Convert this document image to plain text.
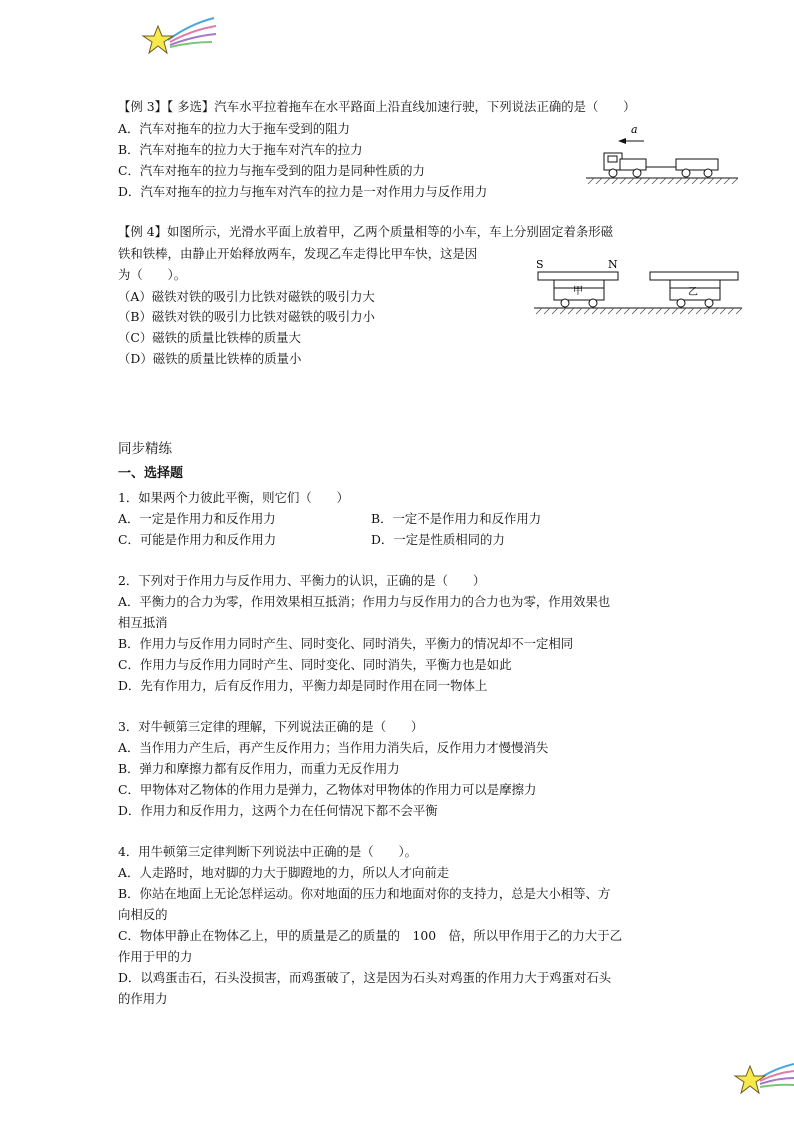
【例 3】【 多选】汽车水平拉着拖车在水平路面上沿直线加速行驶，下列说法正确的是（　　）
A．汽车对拖车的拉力大于拖车受到的阻力
B．汽车对拖车的拉力大于拖车对汽车的拉力
C．汽车对拖车的拉力与拖车受到的阻力是同种性质的力
D．汽车对拖车的拉力与拖车对汽车的拉力是一对作用力与反作用力
a
【例 4】如图所示，光滑水平面上放着甲，乙两个质量相等的小车，车上分别固定着条形磁
铁和铁棒，由静止开始释放两车，发现乙车走得比甲车快，这是因
为（　　）。
（A）磁铁对铁的吸引力比铁对磁铁的吸引力大
（B）磁铁对铁的吸引力比铁对磁铁的吸引力小
（C）磁铁的质量比铁棒的质量大
（D）磁铁的质量比铁棒的质量小
S	N
甲	乙
同步精练
一、选择题
1．如果两个力彼此平衡，则它们（　　）
A．一定是作用力和反作用力	B．一定不是作用力和反作用力
C．可能是作用力和反作用力	D．一定是性质相同的力
2．下列对于作用力与反作用力、平衡力的认识，正确的是（　　）
A．平衡力的合力为零，作用效果相互抵消；作用力与反作用力的合力也为零，作用效果也
相互抵消
B．作用力与反作用力同时产生、同时变化、同时消失，平衡力的情况却不一定相同
C．作用力与反作用力同时产生、同时变化、同时消失，平衡力也是如此
D．先有作用力，后有反作用力，平衡力却是同时作用在同一物体上
3．对牛顿第三定律的理解，下列说法正确的是（　　）
A．当作用力产生后，再产生反作用力；当作用力消失后，反作用力才慢慢消失
B．弹力和摩擦力都有反作用力，而重力无反作用力
C．甲物体对乙物体的作用力是弹力，乙物体对甲物体的作用力可以是摩擦力
D．作用力和反作用力，这两个力在任何情况下都不会平衡
4．用牛顿第三定律判断下列说法中正确的是（　　）。
A．人走路时，地对脚的力大于脚蹬地的力，所以人才向前走
B．你站在地面上无论怎样运动。你对地面的压力和地面对你的支持力，总是大小相等、方
向相反的
C．物体甲静止在物体乙上，甲的质量是乙的质量的　100　倍，所以甲作用于乙的力大于乙
作用于甲的力
D．以鸡蛋击石，石头没损害，而鸡蛋破了，这是因为石头对鸡蛋的作用力大于鸡蛋对石头
的作用力
